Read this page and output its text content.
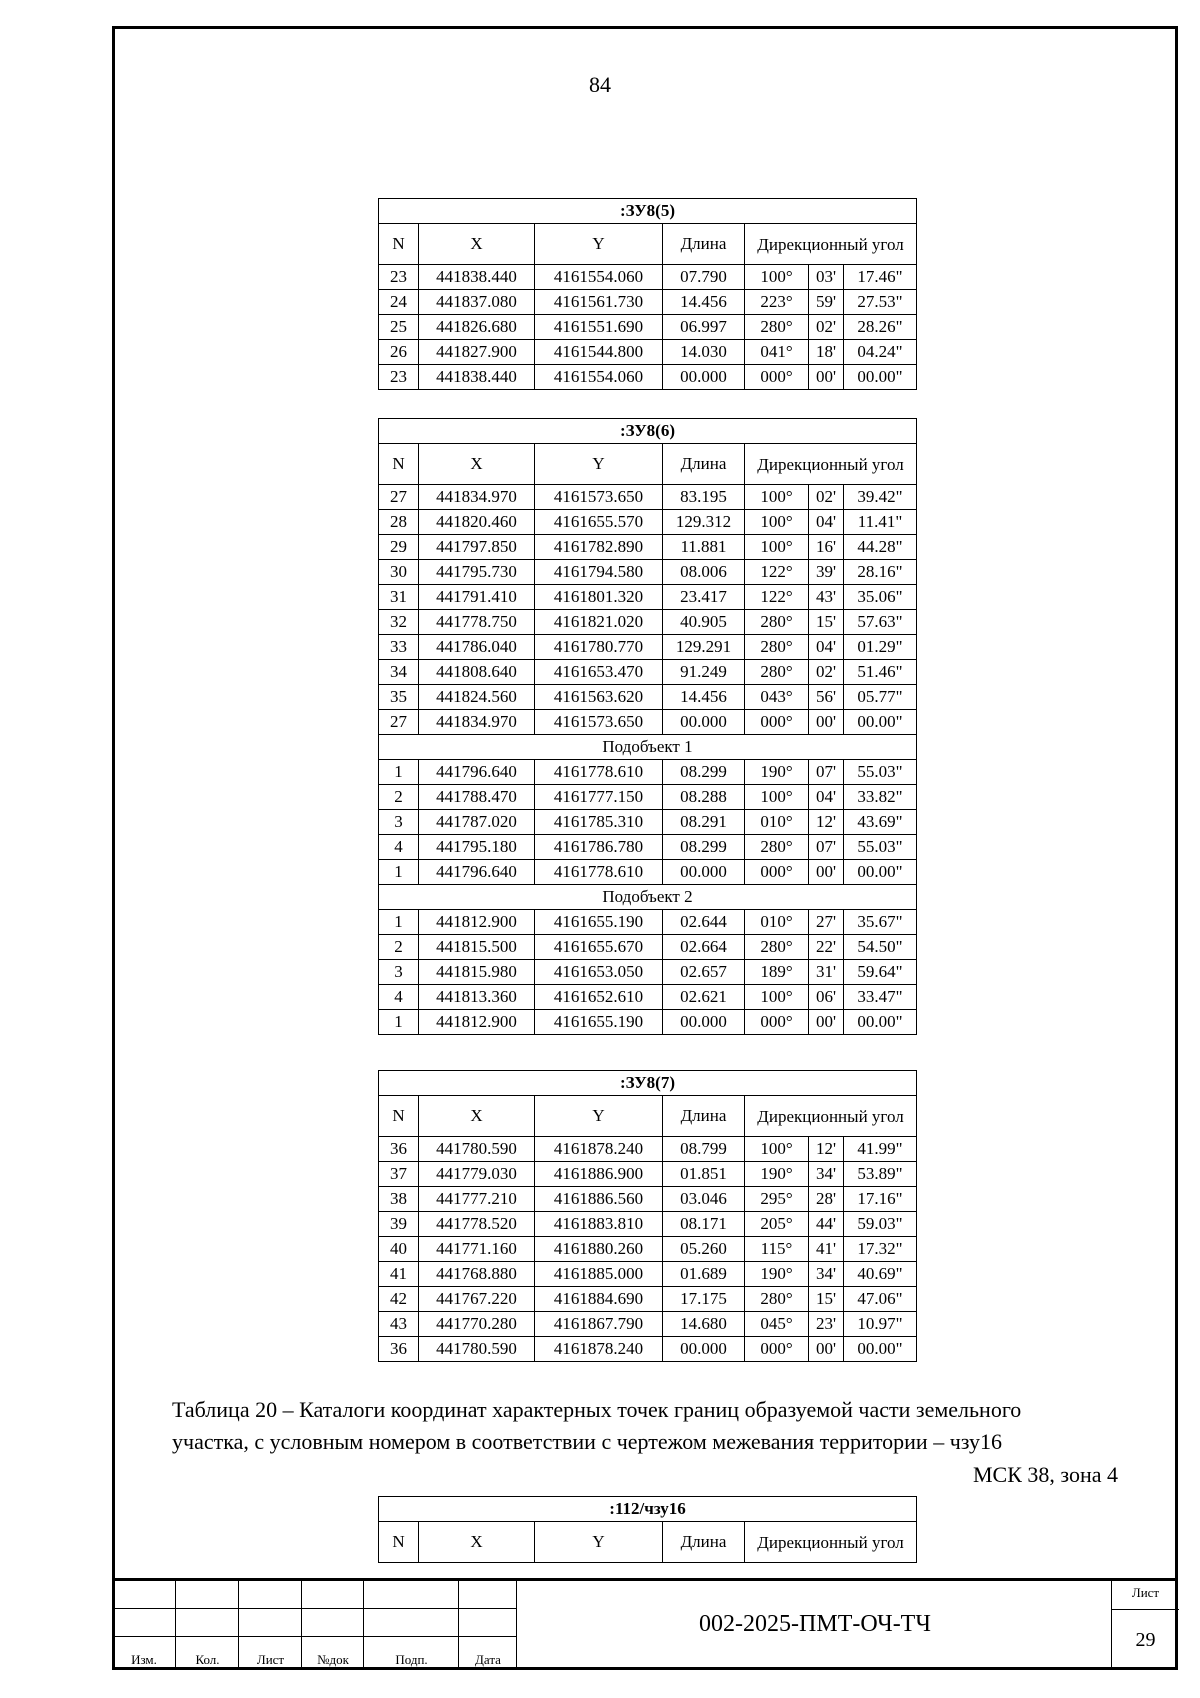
84
:ЗУ8(5)						
N	X	Y	Длина	Дирекционный угол		
23	441838.440	4161554.060	07.790	100°	03'	17.46"
24	441837.080	4161561.730	14.456	223°	59'	27.53"
25	441826.680	4161551.690	06.997	280°	02'	28.26"
26	441827.900	4161544.800	14.030	041°	18'	04.24"
23	441838.440	4161554.060	00.000	000°	00'	00.00"
:ЗУ8(6)						
N	X	Y	Длина	Дирекционный угол		
27	441834.970	4161573.650	83.195	100°	02'	39.42"
28	441820.460	4161655.570	129.312	100°	04'	11.41"
29	441797.850	4161782.890	11.881	100°	16'	44.28"
30	441795.730	4161794.580	08.006	122°	39'	28.16"
31	441791.410	4161801.320	23.417	122°	43'	35.06"
32	441778.750	4161821.020	40.905	280°	15'	57.63"
33	441786.040	4161780.770	129.291	280°	04'	01.29"
34	441808.640	4161653.470	91.249	280°	02'	51.46"
35	441824.560	4161563.620	14.456	043°	56'	05.77"
27	441834.970	4161573.650	00.000	000°	00'	00.00"
Подобъект 1						
1	441796.640	4161778.610	08.299	190°	07'	55.03"
2	441788.470	4161777.150	08.288	100°	04'	33.82"
3	441787.020	4161785.310	08.291	010°	12'	43.69"
4	441795.180	4161786.780	08.299	280°	07'	55.03"
1	441796.640	4161778.610	00.000	000°	00'	00.00"
Подобъект 2						
1	441812.900	4161655.190	02.644	010°	27'	35.67"
2	441815.500	4161655.670	02.664	280°	22'	54.50"
3	441815.980	4161653.050	02.657	189°	31'	59.64"
4	441813.360	4161652.610	02.621	100°	06'	33.47"
1	441812.900	4161655.190	00.000	000°	00'	00.00"
:ЗУ8(7)						
N	X	Y	Длина	Дирекционный угол		
36	441780.590	4161878.240	08.799	100°	12'	41.99"
37	441779.030	4161886.900	01.851	190°	34'	53.89"
38	441777.210	4161886.560	03.046	295°	28'	17.16"
39	441778.520	4161883.810	08.171	205°	44'	59.03"
40	441771.160	4161880.260	05.260	115°	41'	17.32"
41	441768.880	4161885.000	01.689	190°	34'	40.69"
42	441767.220	4161884.690	17.175	280°	15'	47.06"
43	441770.280	4161867.790	14.680	045°	23'	10.97"
36	441780.590	4161878.240	00.000	000°	00'	00.00"
:112/чзу16
N	X	Y	Длина	Дирекционный угол
Таблица 20 – Каталоги координат характерных точек границ образуемой части земельного
участка, с условным номером в соответствии с чертежом межевания территории – чзу16
МСК 38, зона 4
Изм.	Кол.	Лист	№док	Подп.	Дата
002-2025-ПМТ-ОЧ-ТЧ
Лист
29
